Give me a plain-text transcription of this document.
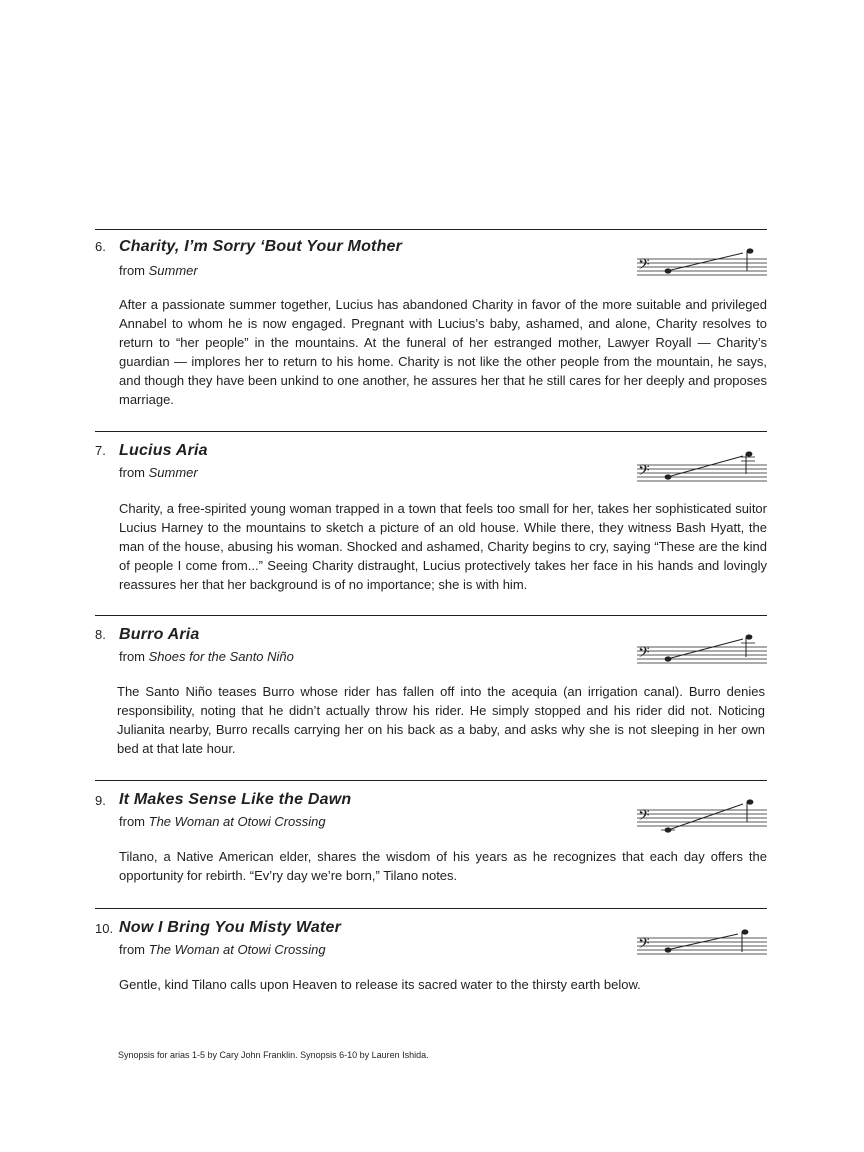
6. Charity, I’m Sorry ‘Bout Your Mother
from Summer	𝄢

After a passionate summer together, Lucius has abandoned Charity in favor of the more suitable and privileged Annabel to whom he is now engaged. Pregnant with Lucius’s baby, ashamed, and alone, Charity resolves to return to “her people” in the mountains. At the funeral of her estranged mother, Lawyer Royall — Charity’s guardian — implores her to return to his home. Charity is not like the other people from the mountain, he says, and though they have been unkind to one another, he assures her that he still cares for her deeply and proposes marriage.

7. Lucius Aria
from Summer	𝄢

Charity, a free-spirited young woman trapped in a town that feels too small for her, takes her sophisticated suitor Lucius Harney to the mountains to sketch a picture of an old house. While there, they witness Bash Hyatt, the man of the house, abusing his woman. Shocked and ashamed, Charity begins to cry, saying “These are the kind of people I come from...” Seeing Charity distraught, Lucius protectively takes her face in his hands and lovingly reassures her that her background is of no importance; she is with him.

8. Burro Aria
from Shoes for the Santo Niño	𝄢

The Santo Niño teases Burro whose rider has fallen off into the acequia (an irrigation canal). Burro denies responsibility, noting that he didn’t actually throw his rider. He simply stopped and his rider did not. Noticing Julianita nearby, Burro recalls carrying her on his back as a baby, and asks why she is not sleeping in her own bed at that late hour.

9. It Makes Sense Like the Dawn
from The Woman at Otowi Crossing	𝄢

Tilano, a Native American elder, shares the wisdom of his years as he recognizes that each day offers the opportunity for rebirth. “Ev’ry day we’re born,” Tilano notes.

10. Now I Bring You Misty Water
from The Woman at Otowi Crossing	𝄢

Gentle, kind Tilano calls upon Heaven to release its sacred water to the thirsty earth below.

Synopsis for arias 1-5 by Cary John Franklin. Synopsis 6-10 by Lauren Ishida.
